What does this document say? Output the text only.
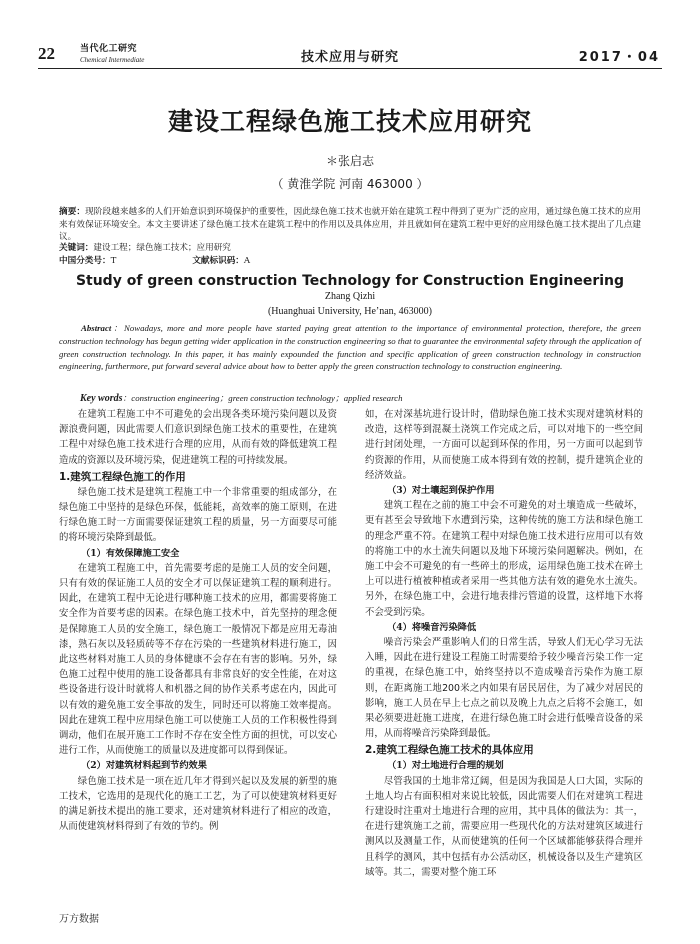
22	当代化工研究
Chemical Intermediate	技术应用与研究	2017・04
建设工程绿色施工技术应用研究
＊张启志
（ 黄淮学院 河南 463000 ）
摘要：现阶段越来越多的人们开始意识到环境保护的重要性，因此绿色施工技术也就开始在建筑工程中得到了更为广泛的应用，通过绿色施工技术的应用来有效保证环境安全。本文主要讲述了绿色施工技术在建筑工程中的作用以及具体应用，并且就如何在建筑工程中更好的应用绿色施工技术提出了几点建议。
关键词：建设工程；绿色施工技术；应用研究
中国分类号：T	文献标识码：A
Study of green construction Technology for Construction Engineering
Zhang Qizhi
(Huanghuai University, He’nan, 463000)
Abstract：Nowadays, more and more people have started paying great attention to the importance of environmental protection, therefore, the green construction technology has begun getting wider application in the construction engineering so that to guarantee the environmental safety through the application of green construction technology. In this paper, it has mainly expounded the function and specific application of green construction technology in construction engineering, furthermore, put forward several advice about how to better apply the green construction technology to construction engineering.
Key words：construction engineering；green construction technology；applied research

在建筑工程施工中不可避免的会出现各类环境污染问题以及资源浪费问题，因此需要人们意识到绿色施工技术的重要性，在建筑工程中对绿色施工技术进行合理的应用，从而有效的降低建筑工程造成的资源以及环境污染，促进建筑工程的可持续发展。

1.建筑工程绿色施工的作用

绿色施工技术是建筑工程施工中一个非常重要的组成部分，在绿色施工中坚持的是绿色环保，低能耗，高效率的施工原则，在进行绿色施工时一方面需要保证建筑工程的质量，另一方面要尽可能的将环境污染降到最低。

（1）有效保障施工安全

在建筑工程施工中，首先需要考虑的是施工人员的安全问题，只有有效的保证施工人员的安全才可以保证建筑工程的顺利进行。因此，在建筑工程中无论进行哪种施工技术的应用，都需要将施工安全作为首要考虑的因素。在绿色施工技术中，首先坚持的理念便是保障施工人员的安全施工，绿色施工一般情况下都是应用无毒油漆，熟石灰以及轻质砖等不存在污染的一些建筑材料进行施工，因此这些材料对施工人员的身体健康不会存在有害的影响。另外，绿色施工过程中使用的施工设备都具有非常良好的安全性能，在对这些设备进行设计时就将人和机器之间的协作关系考虑在内，因此可以有效的避免施工安全事故的发生，同时还可以将施工效率提高。因此在建筑工程中应用绿色施工可以使施工人员的工作积极性得到调动，他们在展开施工工作时不存在安全性方面的担忧，可以安心进行工作，从而使施工的质量以及进度都可以得到保证。

（2）对建筑材料起到节约效果

绿色施工技术是一项在近几年才得到兴起以及发展的新型的施工技术，它选用的是现代化的施工工艺，为了可以使建筑材料更好的满足新技术提出的施工要求，还对建筑材料进行了相应的改造，从而使建筑材料得到了有效的节约。例

如，在对深基坑进行设计时，借助绿色施工技术实现对建筑材料的改造，这样等到混凝土浇筑工作完成之后，可以对地下的一些空间进行封闭处理，一方面可以起到环保的作用，另一方面可以起到节约资源的作用，从而使施工成本得到有效的控制，提升建筑企业的经济效益。

（3）对土壤起到保护作用

建筑工程在之前的施工中会不可避免的对土壤造成一些破坏，更有甚至会导致地下水遭到污染，这种传统的施工方法和绿色施工的理念严重不符。在建筑工程中对绿色施工技术进行应用可以有效的将施工中的水土流失问题以及地下环境污染问题解决。例如，在施工中会不可避免的有一些碎土的形成，运用绿色施工技术在碎土上可以进行植被种植或者采用一些其他方法有效的避免水土流失。另外，在绿色施工中，会进行地表排污管道的设置，这样地下水将不会受到污染。

（4）将噪音污染降低

噪音污染会严重影响人们的日常生活，导致人们无心学习无法入睡，因此在进行建设工程施工时需要给予较少噪音污染工作一定的重视，在绿色施工中，始终坚持以不造成噪音污染作为施工原则，在距离施工地200米之内如果有居民居住，为了减少对居民的影响，施工人员在早上七点之前以及晚上九点之后将不会施工，如果必须要进赶施工进度，在进行绿色施工时会进行低噪音设备的采用，从而将噪音污染降到最低。

2.建筑工程绿色施工技术的具体应用
（1）对土地进行合理的规划

尽管我国的土地非常辽阔，但是因为我国是人口大国，实际的土地人均占有面积相对来说比较低，因此需要人们在对建筑工程进行建设时注重对土地进行合理的应用，其中具体的做法为：其一，在进行建筑施工之前，需要应用一些现代化的方法对建筑区域进行测风以及测量工作，从而使建筑的任何一个区域都能够获得合理并且科学的测风，其中包括有办公活动区，机械设备以及生产建筑区域等。其二，需要对整个施工环

万方数据
